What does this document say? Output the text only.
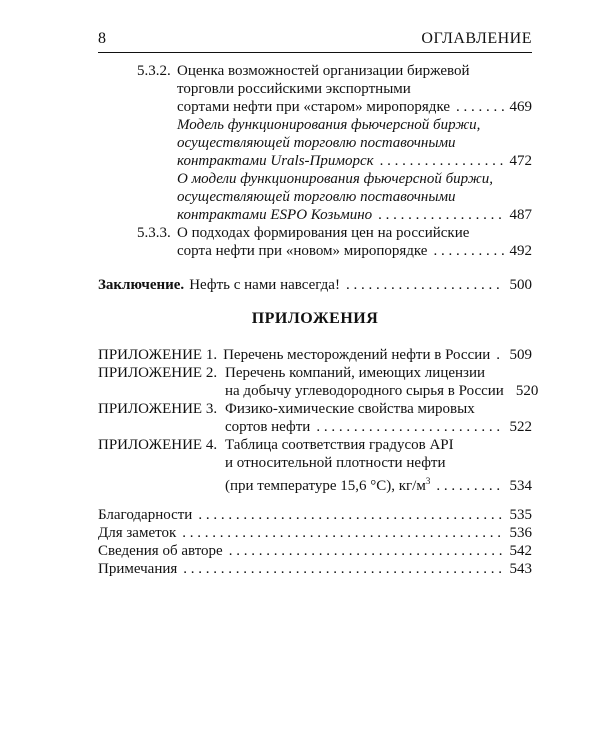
8	ОГЛАВЛЕНИЕ
5.3.2. Оценка возможностей организации биржевой
торговли российскими экспортными
сортами нефти при «старом» миропорядке . . .	469
Модель функционирования фьючерсной биржи,
осуществляющей торговлю поставочными
контрактами Urals-Приморск . . .	472
О модели функционирования фьючерсной биржи,
осуществляющей торговлю поставочными
контрактами ESPO Козьмино . . .	487
5.3.3. О подходах формирования цен на российские
сорта нефти при «новом» миропорядке . . .	492
Заключение. Нефть с нами навсегда! . . .	500
ПРИЛОЖЕНИЯ
ПРИЛОЖЕНИЕ 1. Перечень месторождений нефти в России . . . 509
ПРИЛОЖЕНИЕ 2. Перечень компаний, имеющих лицензии
на добычу углеводородного сырья в России 520
ПРИЛОЖЕНИЕ 3. Физико-химические свойства мировых
сортов нефти . . .	522
ПРИЛОЖЕНИЕ 4. Таблица соответствия градусов API
и относительной плотности нефти
(при температуре 15,6 °С), $кг/м^3$ . . .	534
Благодарности . . .	535
Для заметок . . .	536
Сведения об авторе . . .	542
Примечания . . .	543
